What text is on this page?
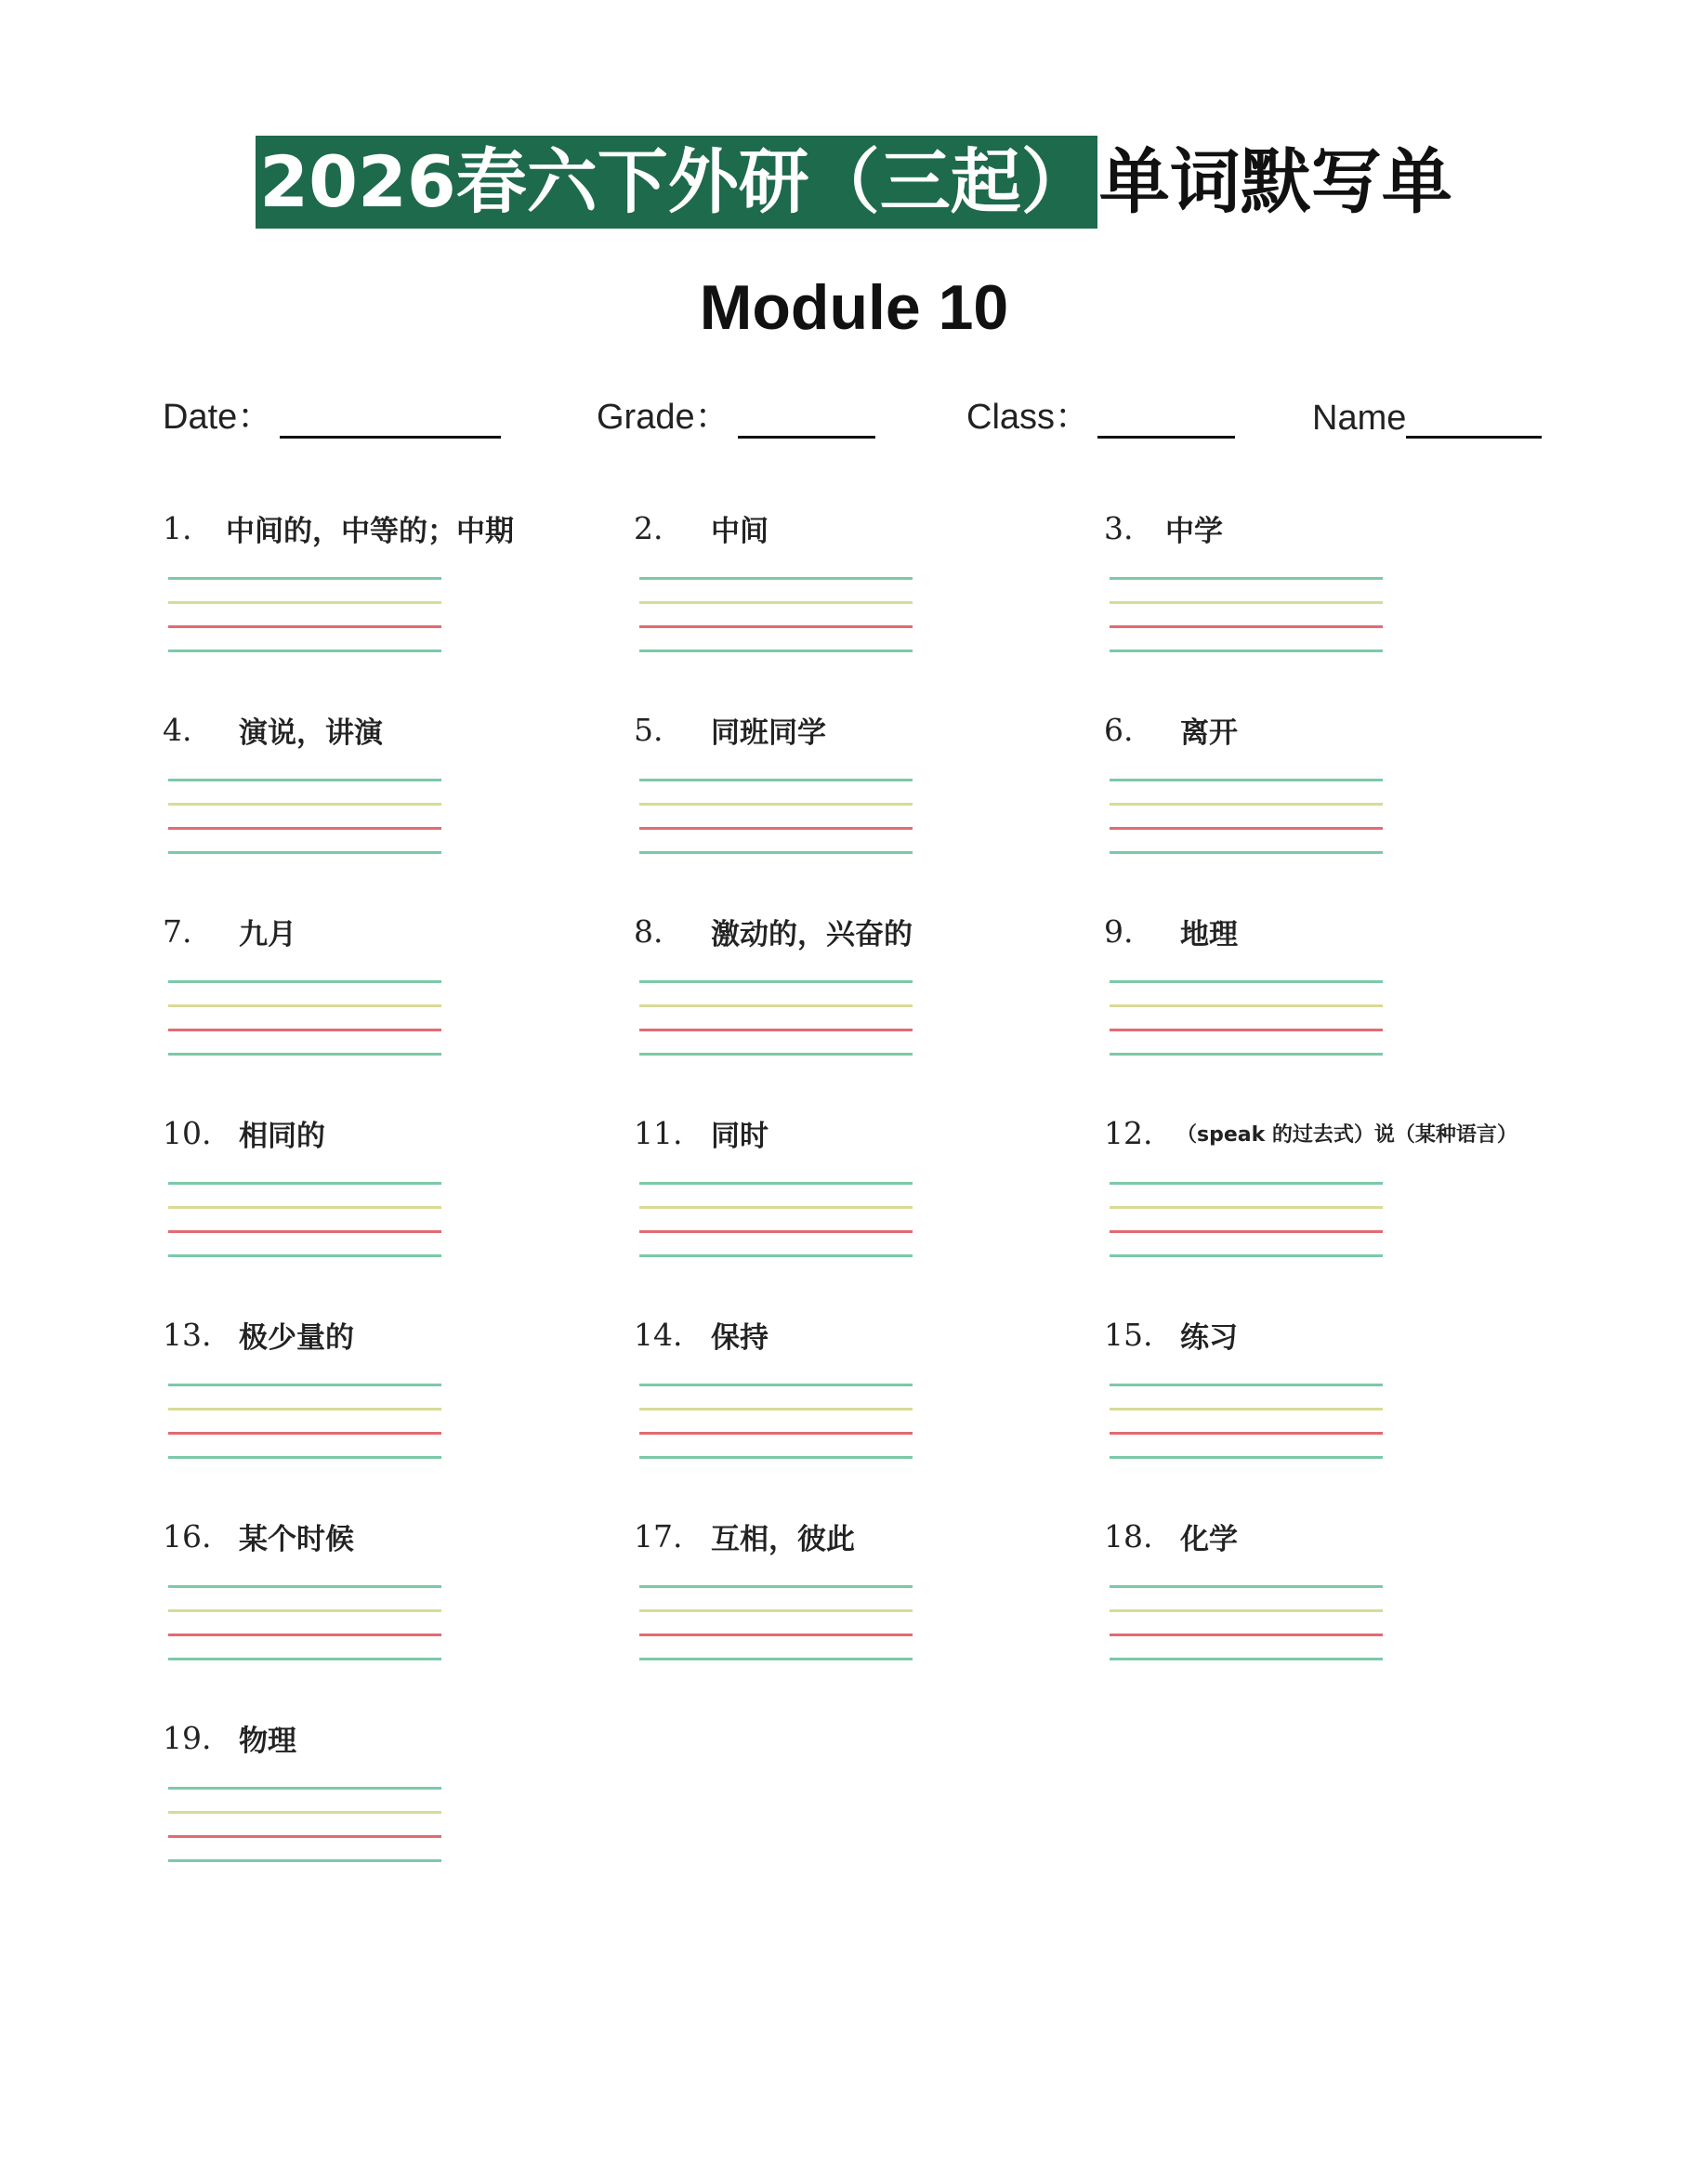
2026春六下外研（三起） 单词默写单
Module 10
Date：	Grade：	Class：	Name
1.	中间的，中等的；中期	2.	中间	3.	中学
4.	演说，讲演	5.	同班同学	6.	离开
7.	九月	8.	激动的，兴奋的	9.	地理
10. 相同的	11. 同时	12.	（speak 的过去式）说（某种语言）
13. 极少量的	14. 保持	15. 练习
16. 某个时候	17. 互相，彼此	18. 化学
19. 物理
